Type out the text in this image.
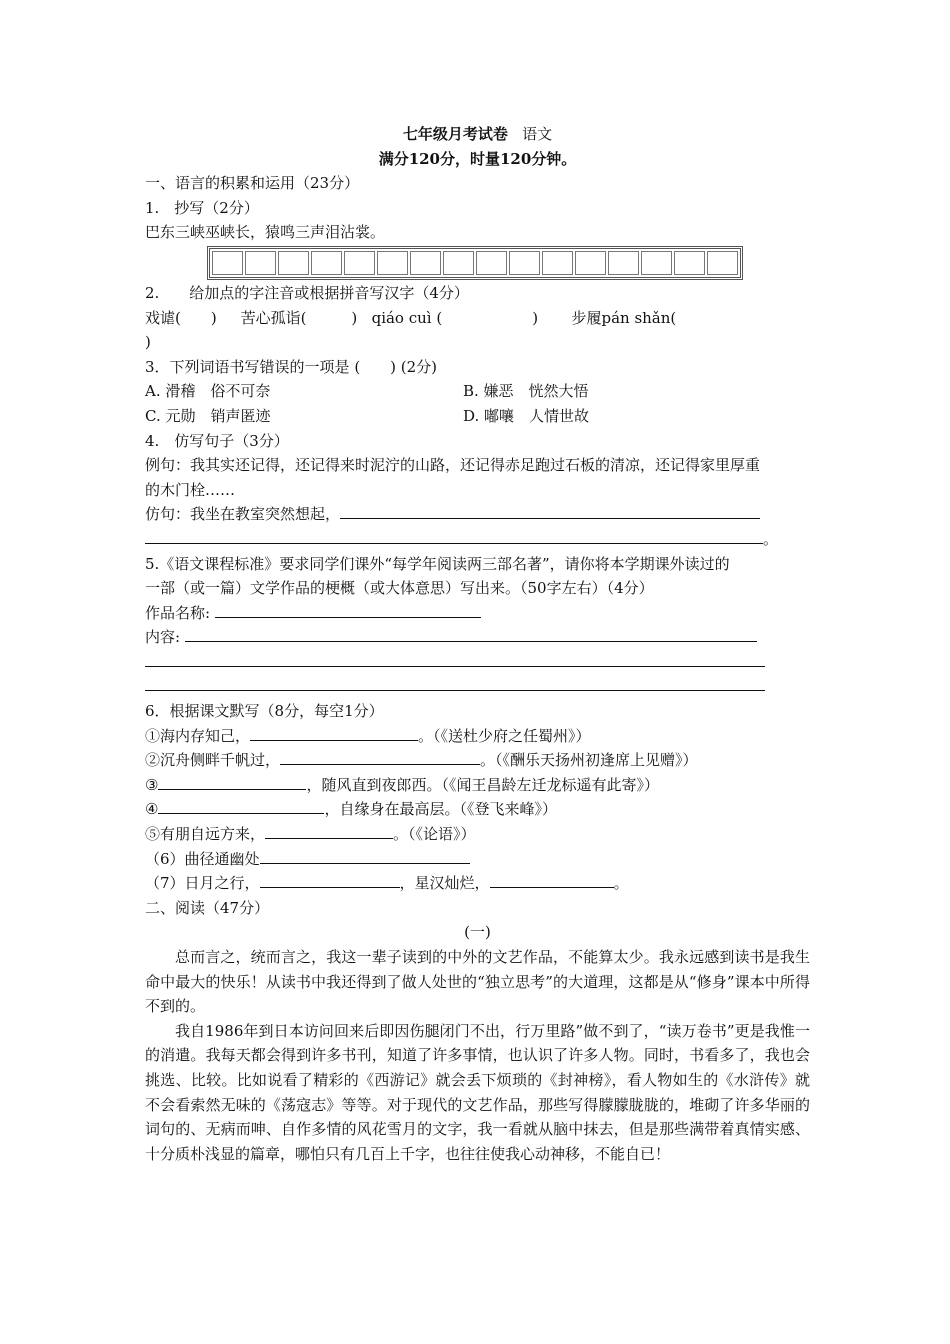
七年级月考试卷 语文
满分120分，时量120分钟。
一、语言的积累和运用（23分）
1.　抄写（2分）
巴东三峡巫峡长，猿鸣三声泪沾裳。
2.　　给加点的字注音或根据拼音写汉字（4分）
戏谑(　　) 苦心孤诣(　　　) qiáo cuì (　　　　　　) 步履pán shǎn(
)
3．下列词语书写错误的一项是 (　　) (2分)
A. 滑稽　俗不可奈	B. 嫌恶　恍然大悟
C. 元勋　销声匿迹	D. 嘟嚷　人情世故
4.　仿写句子（3分）
例句：我其实还记得，还记得来时泥泞的山路，还记得赤足跑过石板的清凉，还记得家里厚重
的木门栓……
仿句：我坐在教室突然想起，
。
5.《语文课程标准》要求同学们课外“每学年阅读两三部名著”，请你将本学期课外读过的
一部（或一篇）文学作品的梗概（或大体意思）写出来。（50字左右）（4分）
作品名称:
内容:
6．根据课文默写（8分，每空1分）
①海内存知己，	。（《送杜少府之任蜀州》）
②沉舟侧畔千帆过，	。（《酬乐天扬州初逢席上见赠》）
③	，随风直到夜郎西。（《闻王昌龄左迁龙标遥有此寄》）
④	，自缘身在最高层。（《登飞来峰》）
⑤有朋自远方来，	。（《论语》）
（6）曲径通幽处
（7）日月之行，	，星汉灿烂，	。
二、阅读（47分）
(一)
总而言之，统而言之，我这一辈子读到的中外的文艺作品，不能算太少。我永远感到读书是我生命中最大的快乐！从读书中我还得到了做人处世的“独立思考”的大道理，这都是从“修身”课本中所得不到的。
我自1986年到日本访问回来后即因伤腿闭门不出，行万里路”做不到了，“读万卷书”更是我惟一的消遣。我每天都会得到许多书刊，知道了许多事情，也认识了许多人物。同时，书看多了，我也会挑选、比较。比如说看了精彩的《西游记》就会丢下烦琐的《封神榜》，看人物如生的《水浒传》就不会看索然无味的《荡寇志》等等。对于现代的文艺作品，那些写得朦朦胧胧的，堆砌了许多华丽的词句的、无病而呻、自作多情的风花雪月的文字，我一看就从脑中抹去，但是那些满带着真情实感、十分质朴浅显的篇章，哪怕只有几百上千字，也往往使我心动神移，不能自已！
